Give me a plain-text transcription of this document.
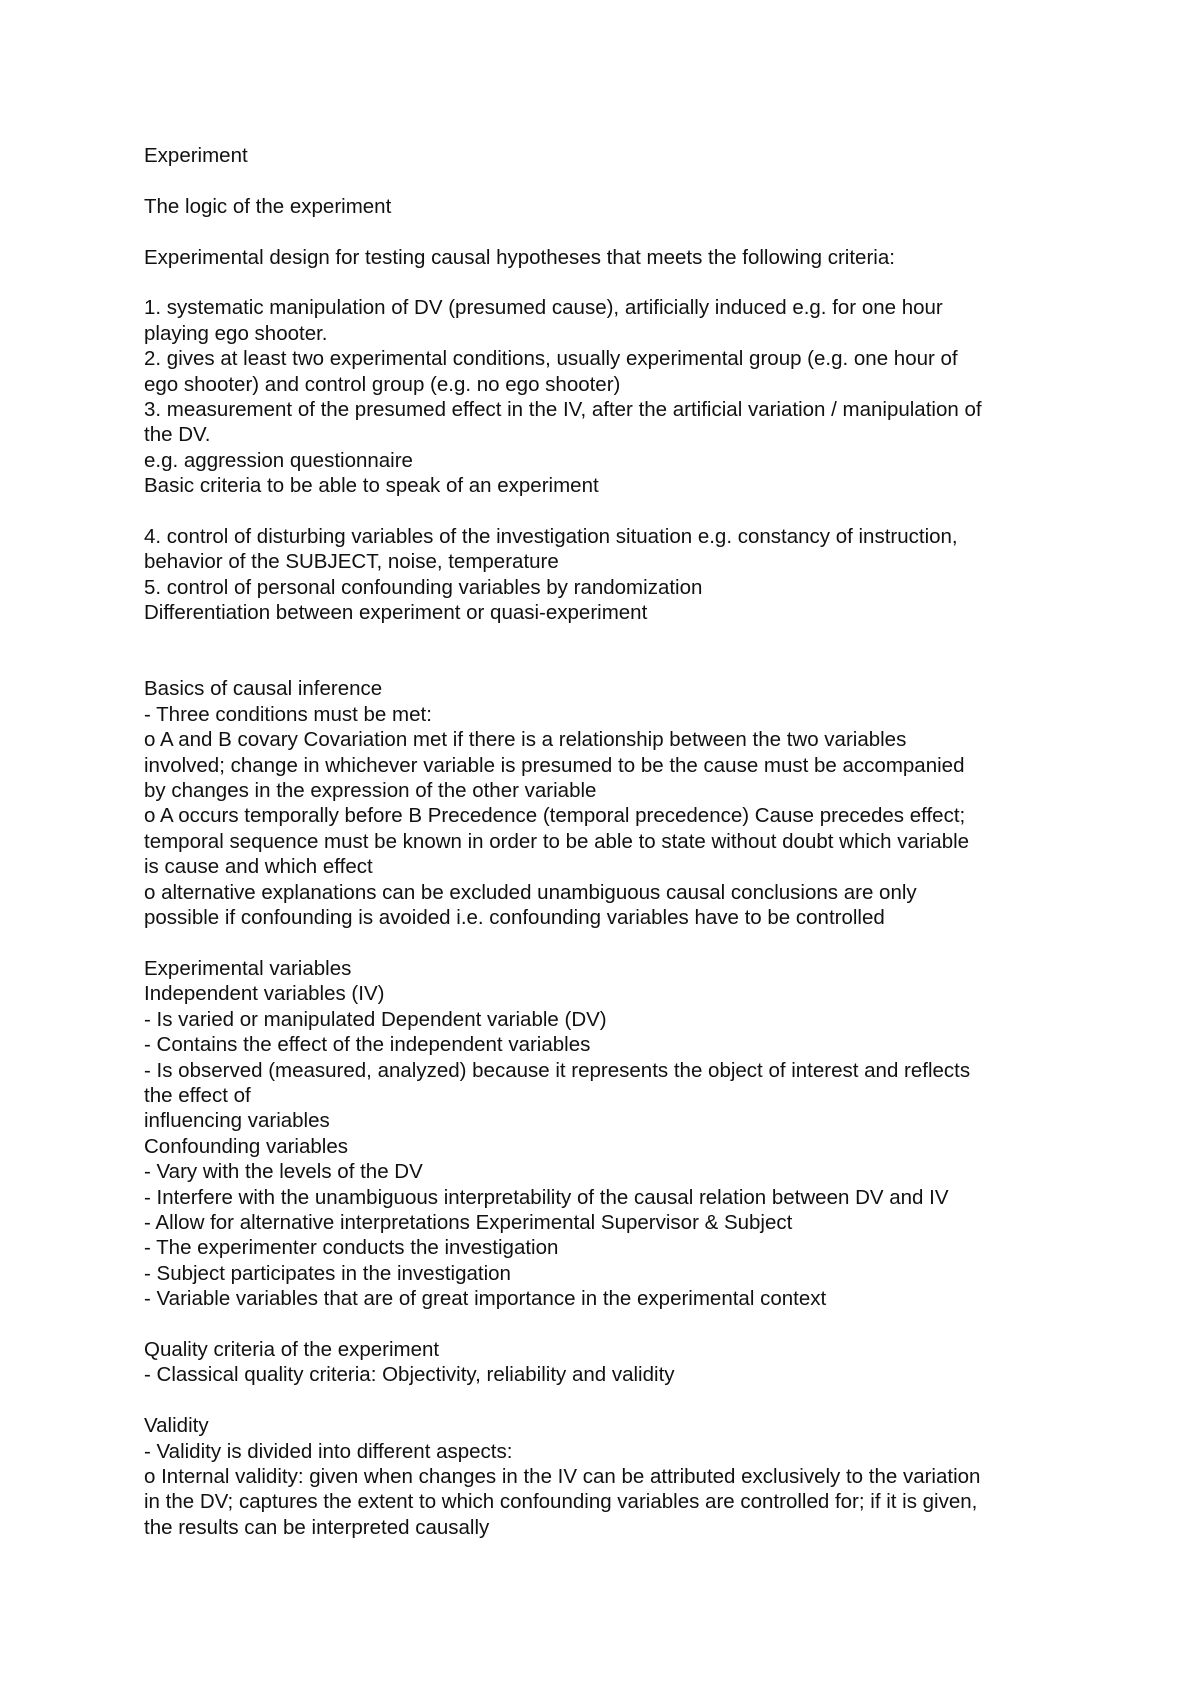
Experiment
The logic of the experiment
Experimental design for testing causal hypotheses that meets the following criteria:
1. systematic manipulation of DV (presumed cause), artificially induced e.g. for one hour
playing ego shooter.
2. gives at least two experimental conditions, usually experimental group (e.g. one hour of
ego shooter) and control group (e.g. no ego shooter)
3. measurement of the presumed effect in the IV, after the artificial variation / manipulation of
the DV.
e.g. aggression questionnaire
Basic criteria to be able to speak of an experiment
4. control of disturbing variables of the investigation situation e.g. constancy of instruction,
behavior of the SUBJECT, noise, temperature
5. control of personal confounding variables by randomization
Differentiation between experiment or quasi-experiment
Basics of causal inference
- Three conditions must be met:
o A and B covary Covariation met if there is a relationship between the two variables
involved; change in whichever variable is presumed to be the cause must be accompanied
by changes in the expression of the other variable
o A occurs temporally before B Precedence (temporal precedence) Cause precedes effect;
temporal sequence must be known in order to be able to state without doubt which variable
is cause and which effect
o alternative explanations can be excluded unambiguous causal conclusions are only
possible if confounding is avoided i.e. confounding variables have to be controlled
Experimental variables
Independent variables (IV)
- Is varied or manipulated Dependent variable (DV)
- Contains the effect of the independent variables
- Is observed (measured, analyzed) because it represents the object of interest and reflects
the effect of
influencing variables
Confounding variables
- Vary with the levels of the DV
- Interfere with the unambiguous interpretability of the causal relation between DV and IV
- Allow for alternative interpretations Experimental Supervisor & Subject
- The experimenter conducts the investigation
- Subject participates in the investigation
- Variable variables that are of great importance in the experimental context
Quality criteria of the experiment
- Classical quality criteria: Objectivity, reliability and validity
Validity
- Validity is divided into different aspects:
o Internal validity: given when changes in the IV can be attributed exclusively to the variation
in the DV; captures the extent to which confounding variables are controlled for; if it is given,
the results can be interpreted causally
